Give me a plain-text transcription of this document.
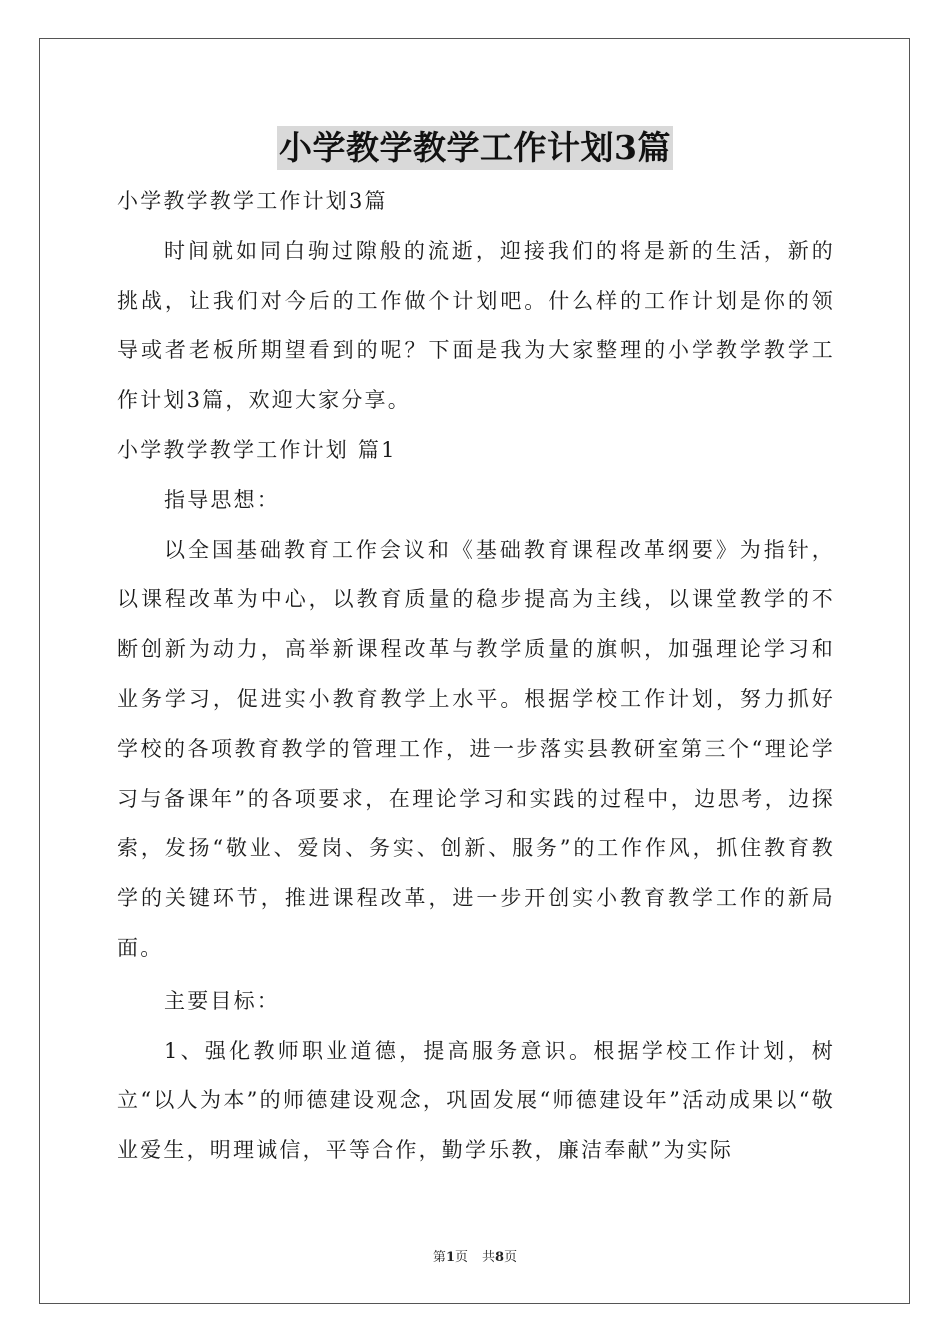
小学教学教学工作计划3篇

小学教学教学工作计划3篇

时间就如同白驹过隙般的流逝，迎接我们的将是新的生活，新的挑战，让我们对今后的工作做个计划吧。什么样的工作计划是你的领导或者老板所期望看到的呢？下面是我为大家整理的小学教学教学工作计划3篇，欢迎大家分享。

小学教学教学工作计划 篇1

指导思想：

以全国基础教育工作会议和《基础教育课程改革纲要》为指针，以课程改革为中心，以教育质量的稳步提高为主线，以课堂教学的不断创新为动力，高举新课程改革与教学质量的旗帜，加强理论学习和业务学习，促进实小教育教学上水平。根据学校工作计划，努力抓好学校的各项教育教学的管理工作，进一步落实县教研室第三个“理论学习与备课年”的各项要求，在理论学习和实践的过程中，边思考，边探索，发扬“敬业、爱岗、务实、创新、服务”的工作作风，抓住教育教学的关键环节，推进课程改革，进一步开创实小教育教学工作的新局面。

主要目标：

1、强化教师职业道德，提高服务意识。根据学校工作计划，树立“以人为本”的师德建设观念，巩固发展“师德建设年”活动成果以“敬业爱生，明理诚信，平等合作，勤学乐教，廉洁奉献”为实际

第1页 共8页
